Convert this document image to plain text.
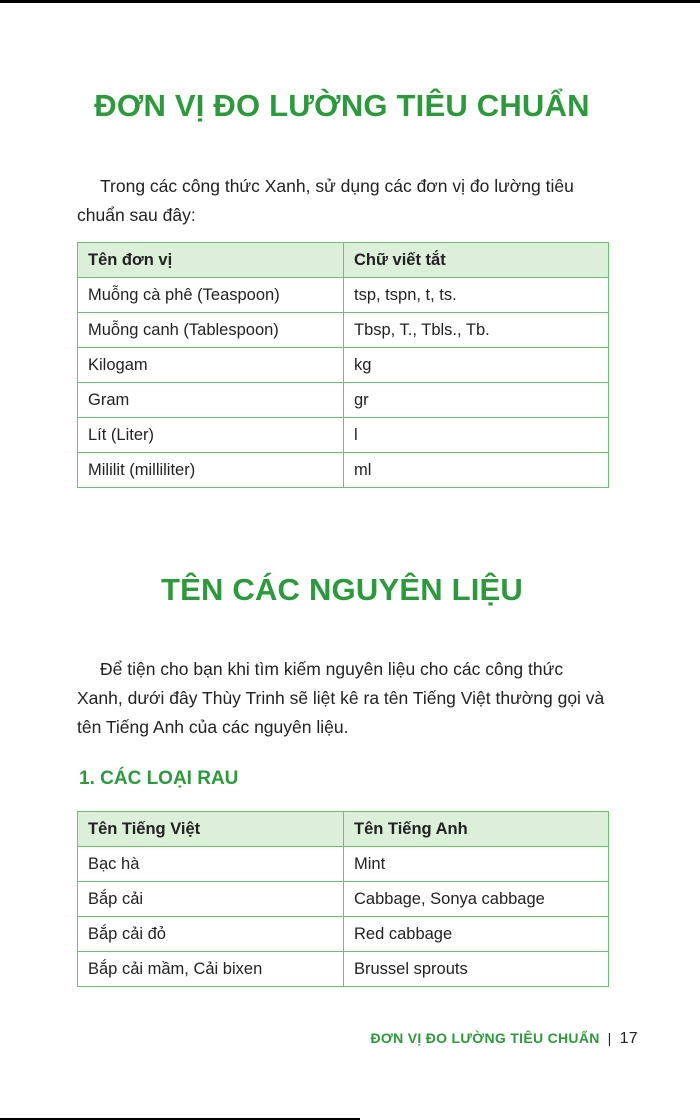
ĐƠN VỊ ĐO LƯỜNG TIÊU CHUẨN

Trong các công thức Xanh, sử dụng các đơn vị đo lường tiêu chuẩn sau đây:

Tên đơn vị	Chữ viết tắt
Muỗng cà phê (Teaspoon)	tsp, tspn, t, ts.
Muỗng canh (Tablespoon)	Tbsp, T., Tbls., Tb.
Kilogam	kg
Gram	gr
Lít (Liter)	l
Mililit (milliliter)	ml
TÊN CÁC NGUYÊN LIỆU

Để tiện cho bạn khi tìm kiếm nguyên liệu cho các công thức Xanh, dưới đây Thùy Trinh sẽ liệt kê ra tên Tiếng Việt thường gọi và tên Tiếng Anh của các nguyên liệu.

1. CÁC LOẠI RAU
Tên Tiếng Việt	Tên Tiếng Anh
Bạc hà	Mint
Bắp cải	Cabbage, Sonya cabbage
Bắp cải đỏ	Red cabbage
Bắp cải mầm, Cải bixen	Brussel sprouts
ĐƠN VỊ ĐO LƯỜNG TIÊU CHUẨN | 17
